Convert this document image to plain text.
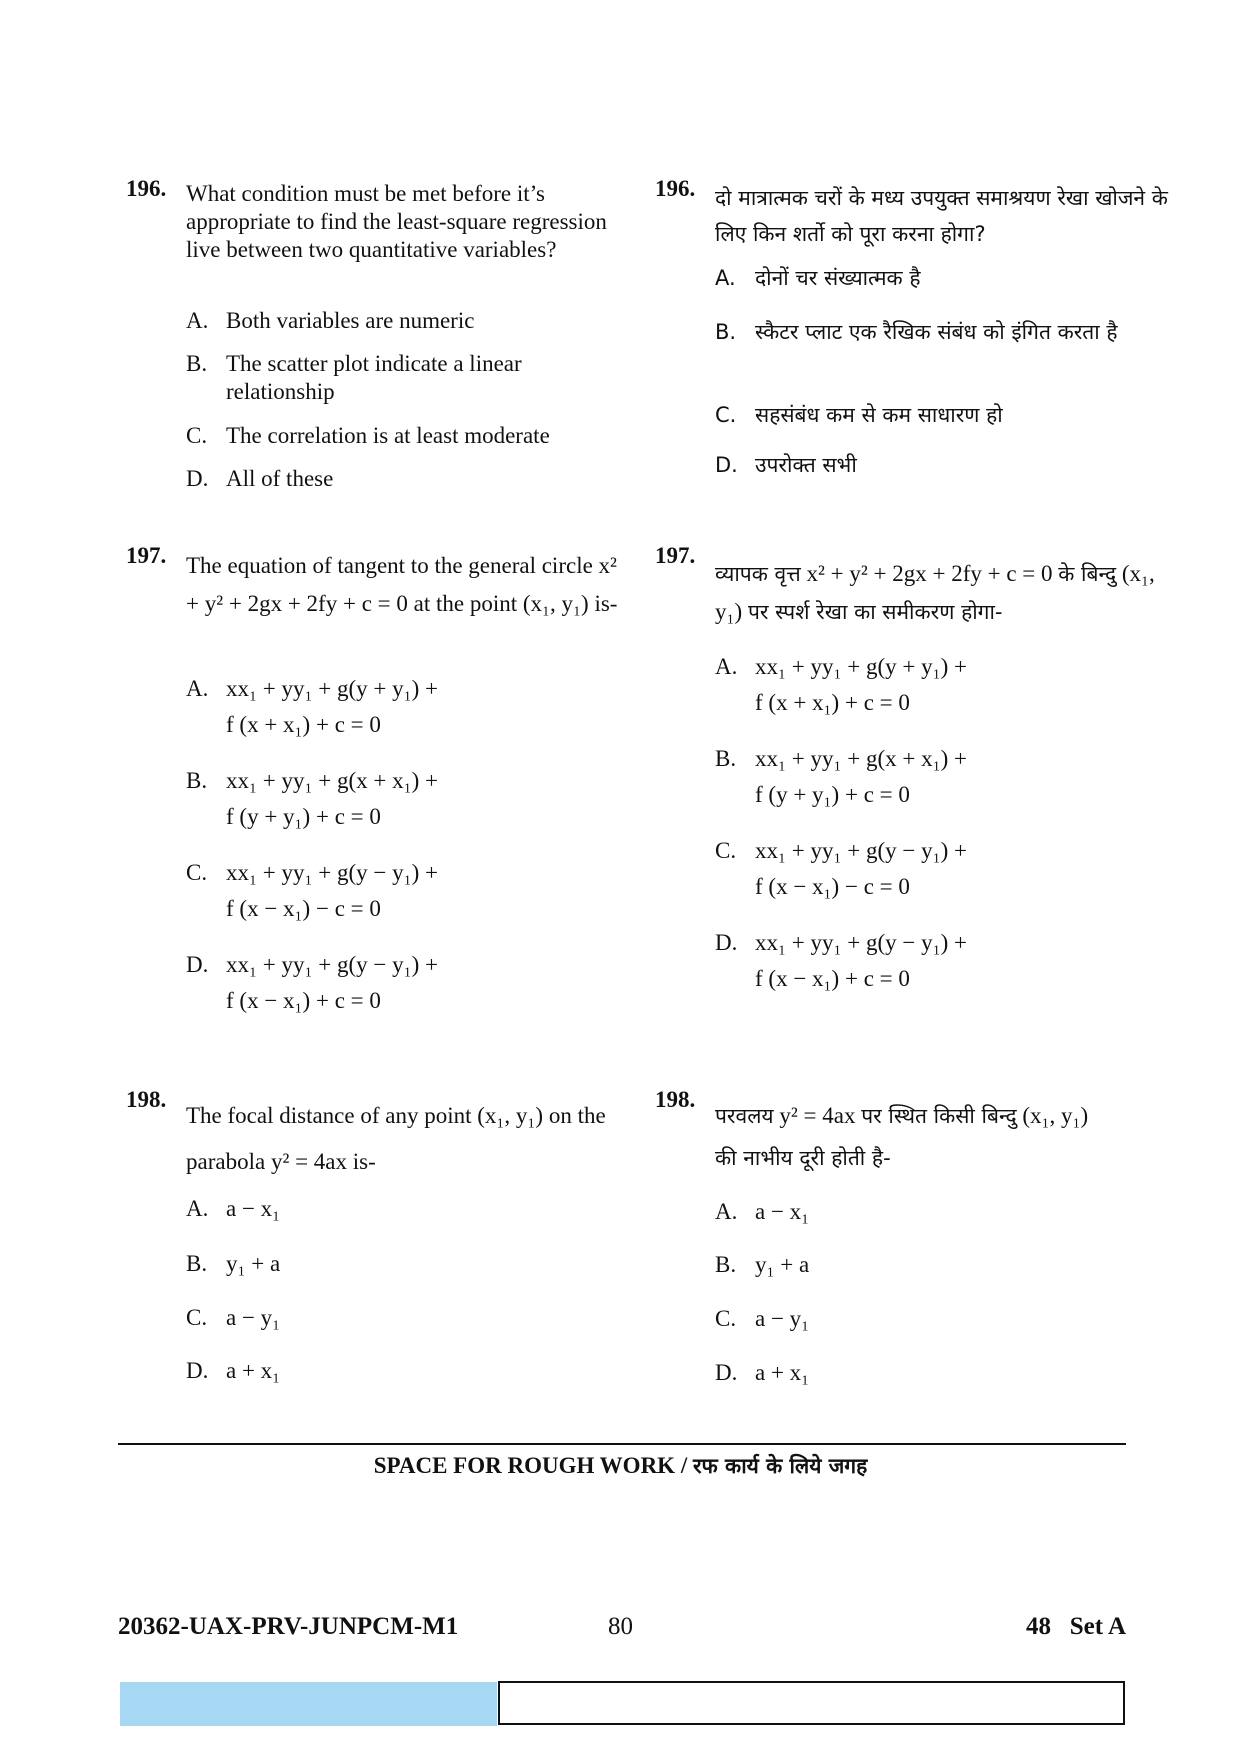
196. What condition must be met before it’s appropriate to find the least-square regression live between two quantitative variables?
A. Both variables are numeric
B. The scatter plot indicate a linear relationship
C. The correlation is at least moderate
D. All of these
197. The equation of tangent to the general circle x² + y² + 2gx + 2fy + c = 0 at the point (x₁, y₁) is-
A. xx₁ + yy₁ + g(y + y₁) +
f (x + x₁) + c = 0
B. xx₁ + yy₁ + g(x + x₁) +
f (y + y₁) + c = 0
C. xx₁ + yy₁ + g(y − y₁) +
f (x − x₁) − c = 0
D. xx₁ + yy₁ + g(y − y₁) +
f (x − x₁) + c = 0
198.
The focal distance of any point (x₁, y₁) on the parabola y² = 4ax is-
A. a − x₁
B. y₁ + a
C. a − y₁
D. a + x₁
196. दो मात्रात्मक चरों के मध्य उपयुक्त समाश्रयण रेखा खोजने के लिए किन शर्तो को पूरा करना होगा?
A. दोनों चर संख्यात्मक है
B. स्कैटर प्लाट एक रैखिक संबंध को इंगित करता है
C. सहसंबंध कम से कम साधारण हो
D. उपरोक्त सभी
197.
व्यापक वृत्त x² + y² + 2gx + 2fy + c = 0 के बिन्दु (x₁, y₁) पर स्पर्श रेखा का समीकरण होगा-
A. xx₁ + yy₁ + g(y + y₁) +
f (x + x₁) + c = 0
B. xx₁ + yy₁ + g(x + x₁) +
f (y + y₁) + c = 0
C. xx₁ + yy₁ + g(y − y₁) +
f (x − x₁) − c = 0
D. xx₁ + yy₁ + g(y − y₁) +
f (x − x₁) + c = 0
198.
परवलय y² = 4ax पर स्थित किसी बिन्दु (x₁, y₁) की नाभीय दूरी होती है-
A. a − x₁
B. y₁ + a
C. a − y₁
D. a + x₁
SPACE FOR ROUGH WORK / रफ कार्य के लिये जगह
20362-UAX-PRV-JUNPCM-M1	80	48   Set A
